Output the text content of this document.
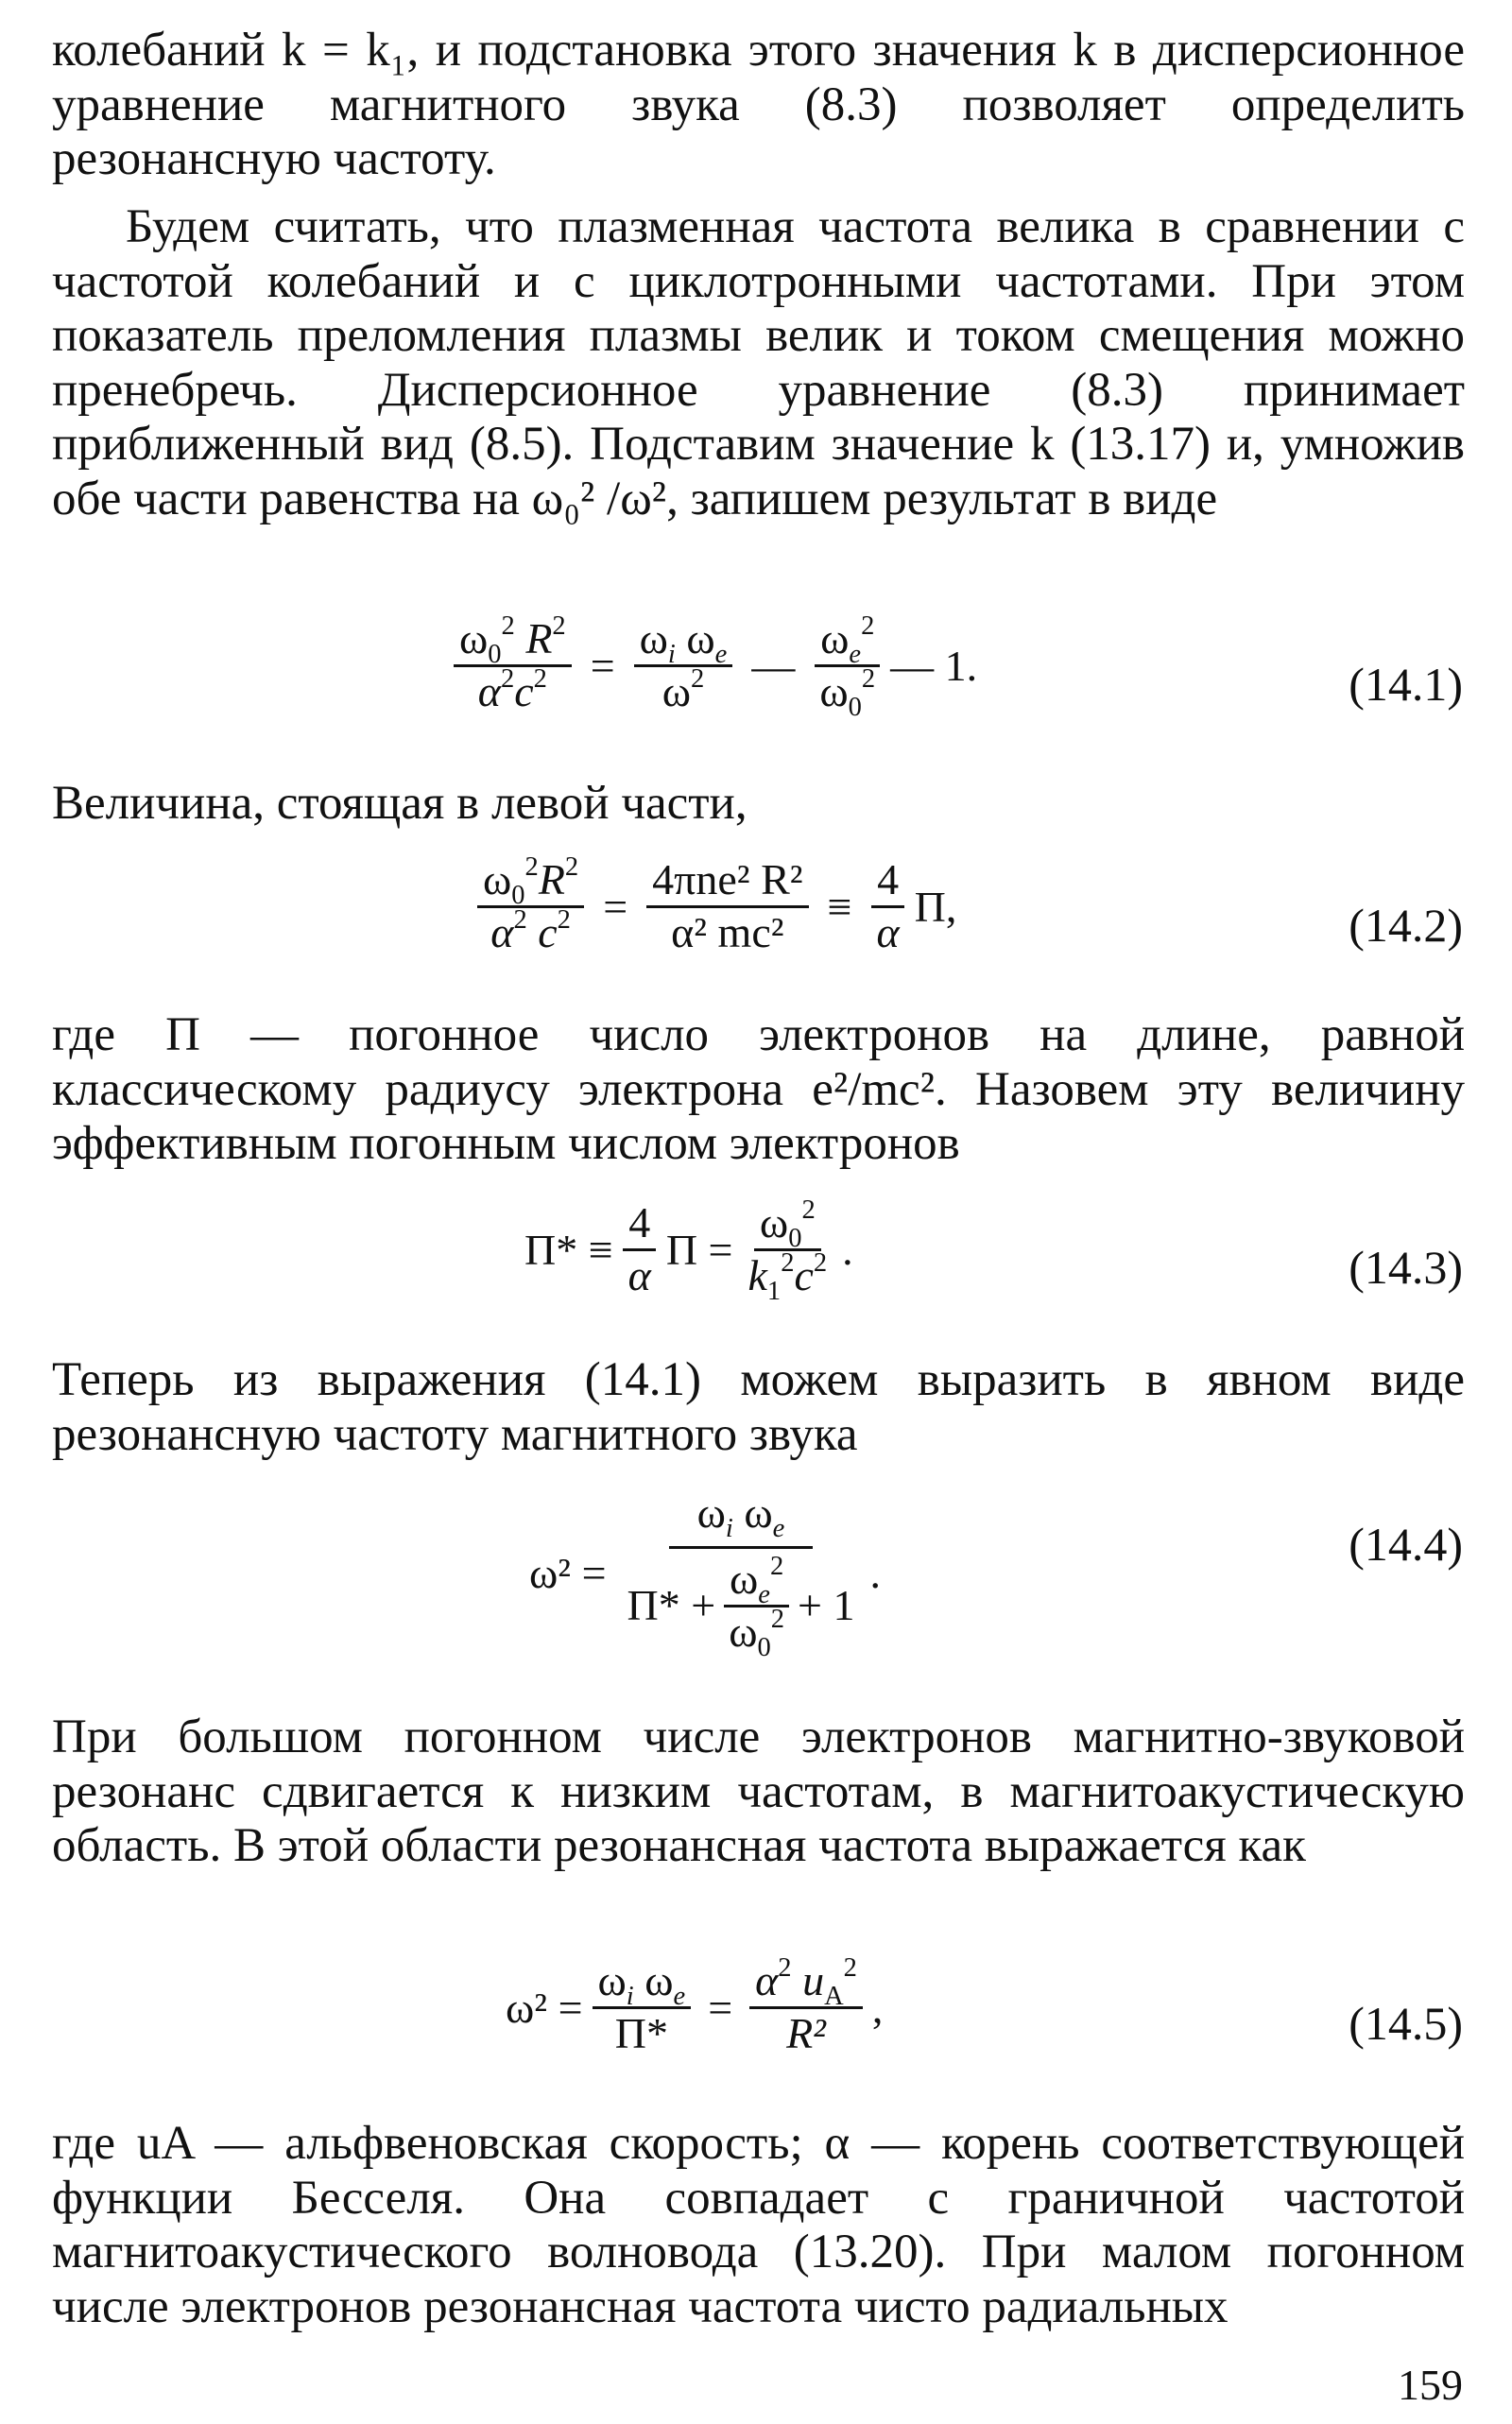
колебаний k = k₁, и подстановка этого значения k в дисперсионное уравнение магнитного звука (8.3) позволяет определить резонансную частоту.

Будем считать, что плазменная частота велика в сравнении с частотой колебаний и с циклотронными частотами. При этом показатель преломления плазмы велик и током смещения можно пренебречь. Дисперсионное уравнение (8.3) принимает приближенный вид (8.5). Подставим значение k (13.17) и, умножив обе части равенства на ω₀² /ω², запишем результат в виде

$\frac{\omega_0^2 R^2}{\alpha^2c^2} = \frac{\omega_i \omega_e}{\omega^2}$ — $\frac{\omega_e^2}{\omega_0^2}$ — 1.	(14.1)

Величина, стоящая в левой части,

$\frac{\omega_0^2R^2}{\alpha^2 c^2} = \frac{\text{4πne² R²}}{\text{α² mc²}} \equiv \frac{4}{\alpha} \Pi$,	(14.2)

где Π — погонное число электронов на длине, равной классическому радиусу электрона e²/mc². Назовем эту величину эффективным погонным числом электронов

$\Pi* \equiv \frac{4}{\alpha}$ $\Pi = \frac{\omega_0^2}{k_1^2c^2}$ .	(14.3)

Теперь из выражения (14.1) можем выразить в явном виде резонансную частоту магнитного звука

ω² =
$\omega_i$ $\omega_e$
$\Pi* + \frac{\omega_e^2}{\omega_0^2} + 1$
.
(14.4)

При большом погонном числе электронов магнитно-звуковой резонанс сдвигается к низким частотам, в магнитоакустическую область. В этой области резонансная частота выражается как

$\omega^2 = \frac{\omega_i \omega_e}{\Pi*} = \frac{\alpha^2 u_A^2}{\text{R²}}$ ,	(14.5)

где uA — альфвеновская скорость; α — корень соответствующей функции Бесселя. Она совпадает с граничной частотой магнитоакустического волновода (13.20). При малом погонном числе электронов резонансная частота чисто радиальных

159
